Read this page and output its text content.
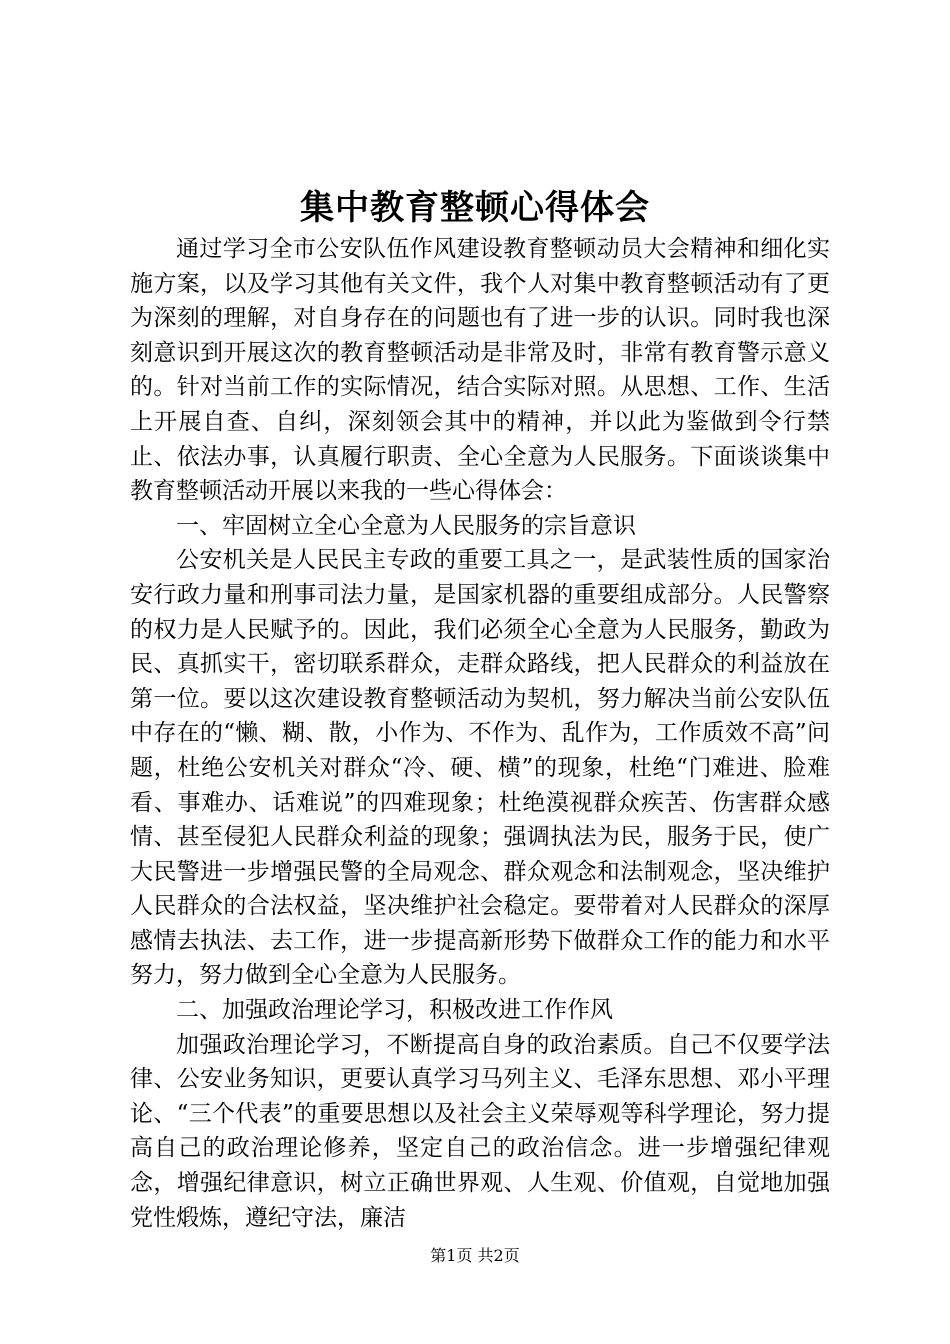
集中教育整顿心得体会

通过学习全市公安队伍作风建设教育整顿动员大会精神和细化实施方案，以及学习其他有关文件，我个人对集中教育整顿活动有了更为深刻的理解，对自身存在的问题也有了进一步的认识。同时我也深刻意识到开展这次的教育整顿活动是非常及时，非常有教育警示意义的。针对当前工作的实际情况，结合实际对照。从思想、工作、生活上开展自查、自纠，深刻领会其中的精神，并以此为鉴做到令行禁止、依法办事，认真履行职责、全心全意为人民服务。下面谈谈集中教育整顿活动开展以来我的一些心得体会：

一、牢固树立全心全意为人民服务的宗旨意识

公安机关是人民民主专政的重要工具之一，是武装性质的国家治安行政力量和刑事司法力量，是国家机器的重要组成部分。人民警察的权力是人民赋予的。因此，我们必须全心全意为人民服务，勤政为民、真抓实干，密切联系群众，走群众路线，把人民群众的利益放在第一位。要以这次建设教育整顿活动为契机，努力解决当前公安队伍中存在的“懒、糊、散，小作为、不作为、乱作为，工作质效不高”问题，杜绝公安机关对群众“冷、硬、横”的现象，杜绝“门难进、脸难看、事难办、话难说”的四难现象；杜绝漠视群众疾苦、伤害群众感情、甚至侵犯人民群众利益的现象；强调执法为民，服务于民，使广大民警进一步增强民警的全局观念、群众观念和法制观念，坚决维护人民群众的合法权益，坚决维护社会稳定。要带着对人民群众的深厚感情去执法、去工作，进一步提高新形势下做群众工作的能力和水平努力，努力做到全心全意为人民服务。

二、加强政治理论学习，积极改进工作作风

加强政治理论学习，不断提高自身的政治素质。自己不仅要学法律、公安业务知识，更要认真学习马列主义、毛泽东思想、邓小平理论、“三个代表”的重要思想以及社会主义荣辱观等科学理论，努力提高自己的政治理论修养，坚定自己的政治信念。进一步增强纪律观念，增强纪律意识，树立正确世界观、人生观、价值观，自觉地加强党性煅炼，遵纪守法，廉洁

第1页 共2页
